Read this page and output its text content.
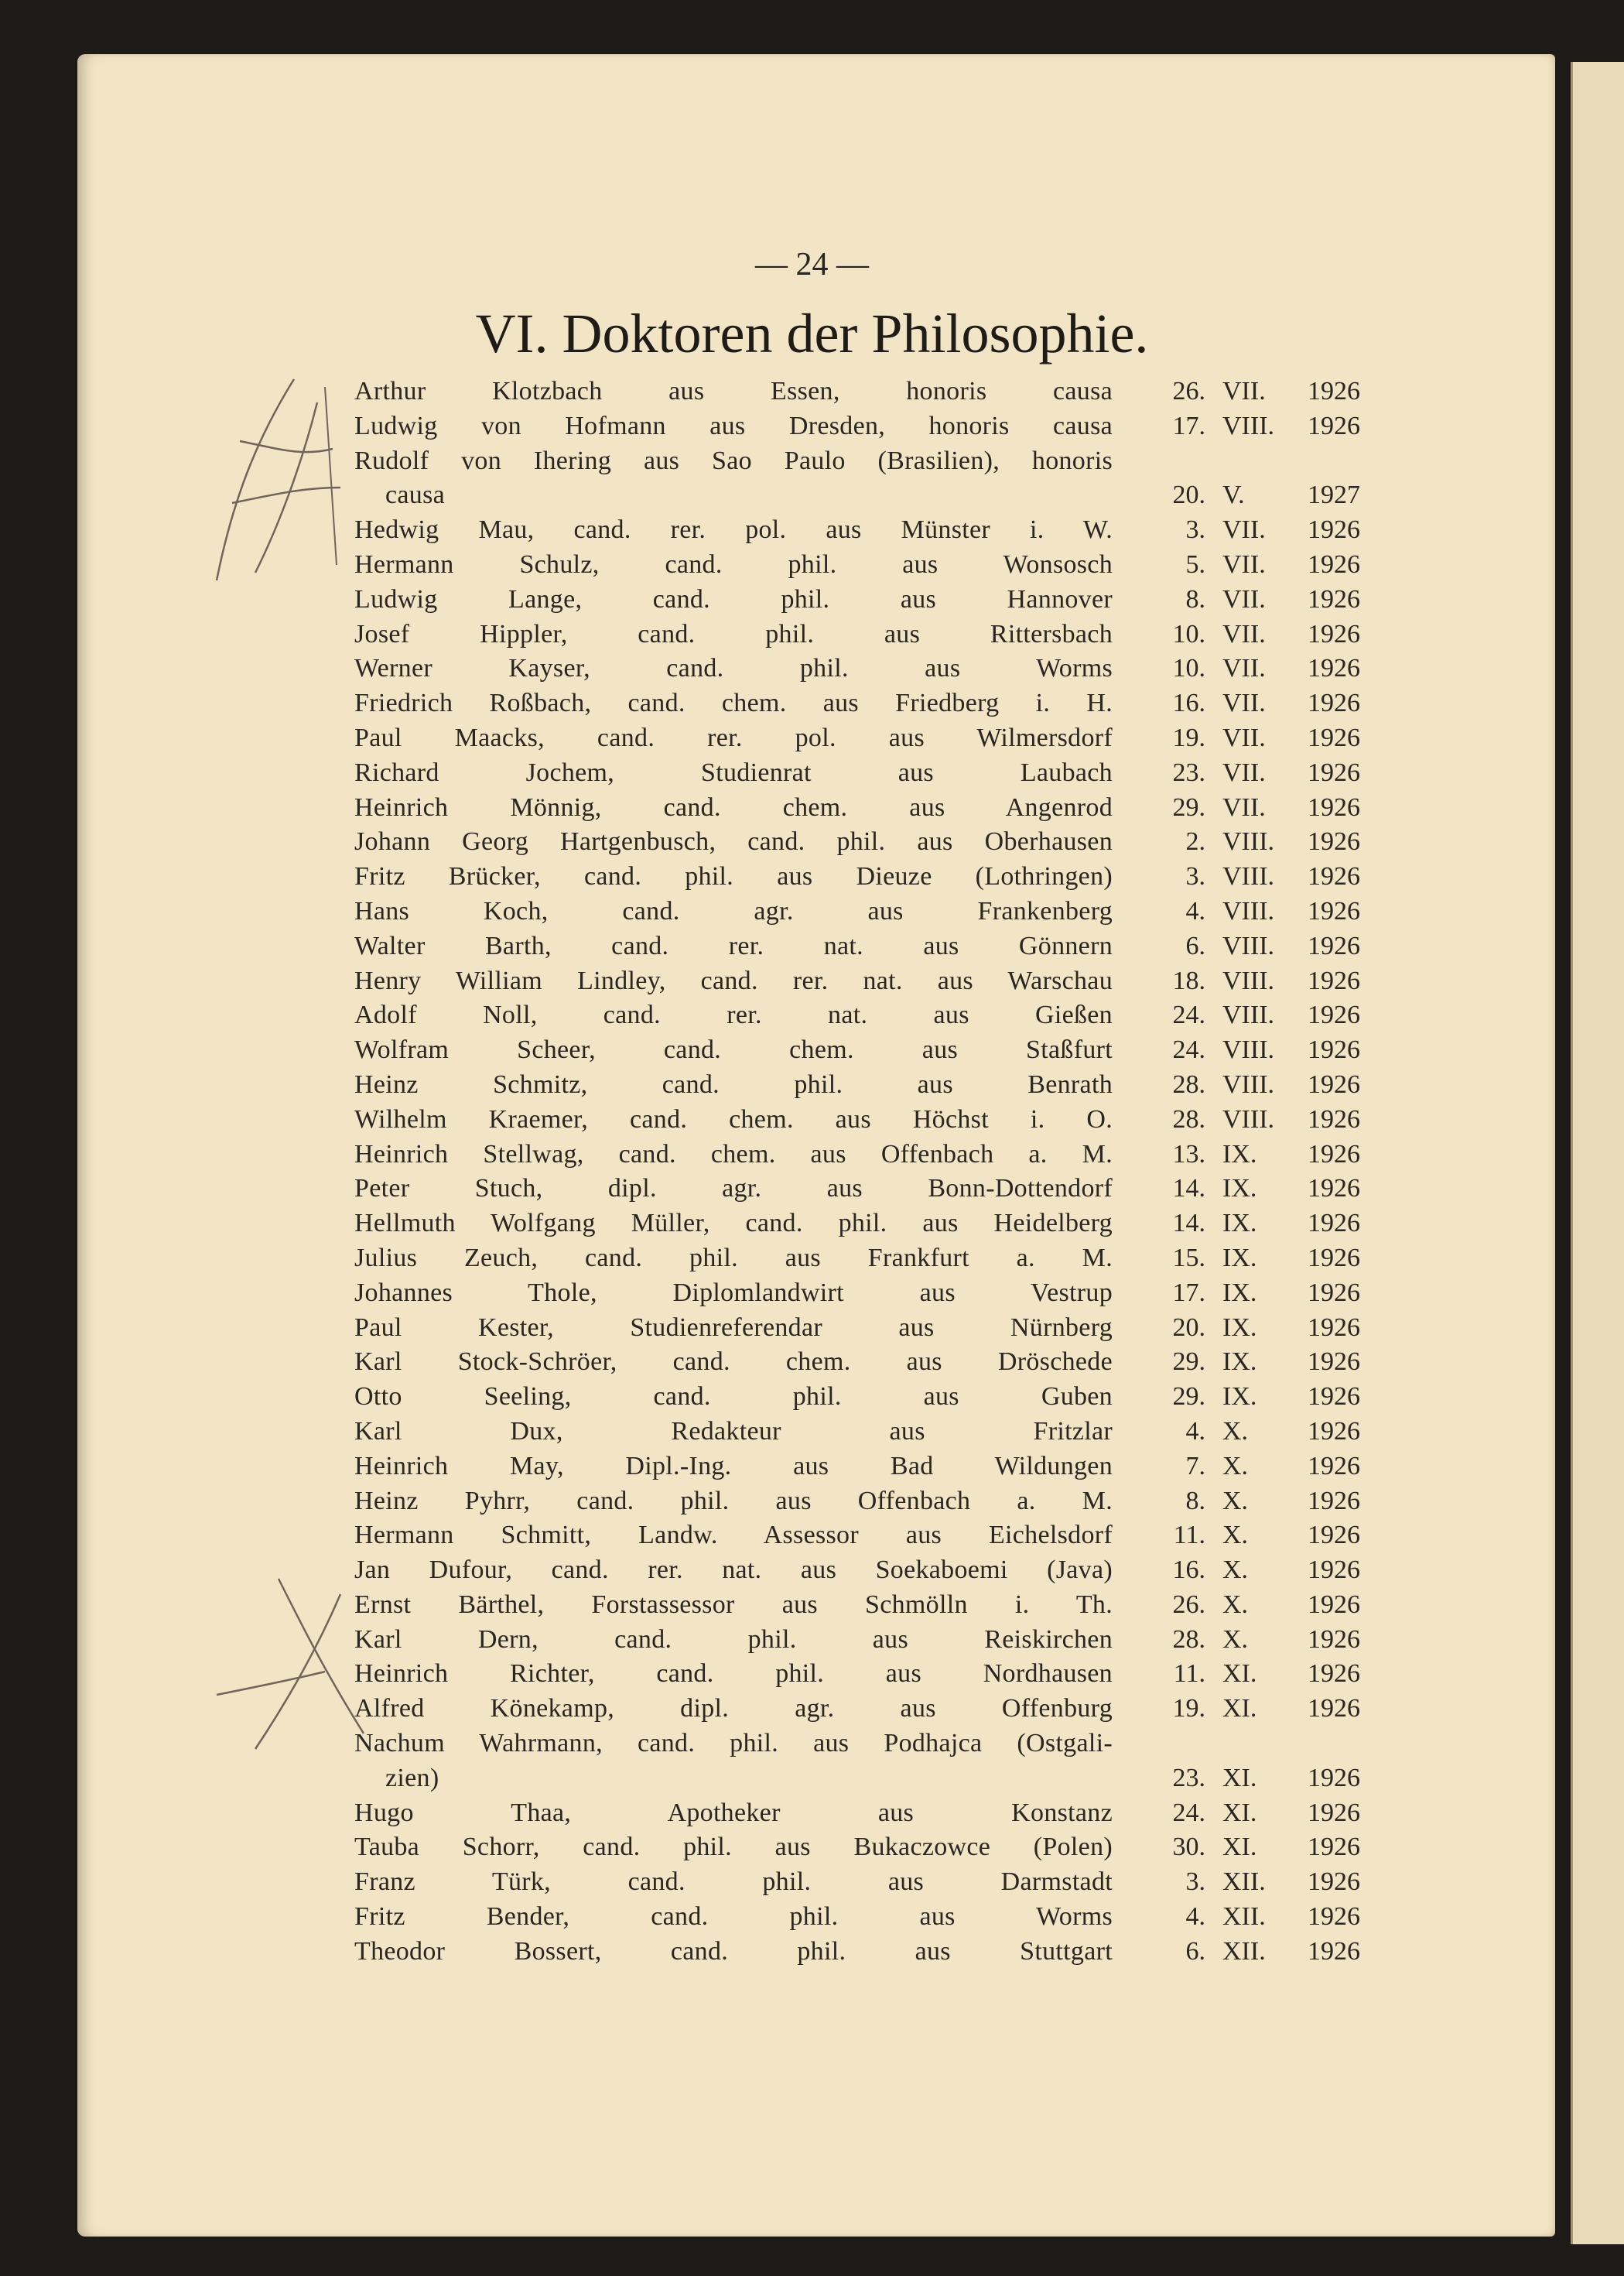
— 24 —
VI. Doktoren der Philosophie.
Arthur Klotzbach aus Essen, honoris causa 26. VII. 1926
Ludwig von Hofmann aus Dresden, honoris causa 17. VIII. 1926
Rudolf von Ihering aus Sao Paulo (Brasilien), honoris
causa	20. V. 1927
Hedwig Mau, cand. rer. pol. aus Münster i. W.	3. VII. 1926
Hermann Schulz, cand. phil. aus Wonsosch	5. VII. 1926
Ludwig Lange, cand. phil. aus Hannover	8. VII. 1926
Josef Hippler, cand. phil. aus Rittersbach 10. VII. 1926
Werner Kayser, cand. phil. aus Worms 10. VII. 1926
Friedrich Roßbach, cand. chem. aus Friedberg i. H. 16. VII. 1926
Paul Maacks, cand. rer. pol. aus Wilmersdorf 19. VII. 1926
Richard Jochem, Studienrat aus Laubach 23. VII. 1926
Heinrich Mönnig, cand. chem. aus Angenrod 29. VII. 1926
Johann Georg Hartgenbusch, cand. phil. aus Oberhausen	2. VIII. 1926
Fritz Brücker, cand. phil. aus Dieuze (Lothringen)	3. VIII. 1926
Hans Koch, cand. agr. aus Frankenberg	4. VIII. 1926
Walter Barth, cand. rer. nat. aus Gönnern	6. VIII. 1926
Henry William Lindley, cand. rer. nat. aus Warschau 18. VIII. 1926
Adolf Noll, cand. rer. nat. aus Gießen 24. VIII. 1926
Wolfram Scheer, cand. chem. aus Staßfurt 24. VIII. 1926
Heinz Schmitz, cand. phil. aus Benrath 28. VIII. 1926
Wilhelm Kraemer, cand. chem. aus Höchst i. O. 28. VIII. 1926
Heinrich Stellwag, cand. chem. aus Offenbach a. M. 13. IX. 1926
Peter Stuch, dipl. agr. aus Bonn-Dottendorf 14. IX. 1926
Hellmuth Wolfgang Müller, cand. phil. aus Heidelberg 14. IX. 1926
Julius Zeuch, cand. phil. aus Frankfurt a. M. 15. IX. 1926
Johannes Thole, Diplomlandwirt aus Vestrup 17. IX. 1926
Paul Kester, Studienreferendar aus Nürnberg 20. IX. 1926
Karl Stock-Schröer, cand. chem. aus Dröschede 29. IX. 1926
Otto Seeling, cand. phil. aus Guben 29. IX. 1926
Karl Dux, Redakteur aus Fritzlar	4. X. 1926
Heinrich May, Dipl.-Ing. aus Bad Wildungen	7. X. 1926
Heinz Pyhrr, cand. phil. aus Offenbach a. M.	8. X. 1926
Hermann Schmitt, Landw. Assessor aus Eichelsdorf 11. X. 1926
Jan Dufour, cand. rer. nat. aus Soekaboemi (Java) 16. X. 1926
Ernst Bärthel, Forstassessor aus Schmölln i. Th. 26. X. 1926
Karl Dern, cand. phil. aus Reiskirchen 28. X. 1926
Heinrich Richter, cand. phil. aus Nordhausen 11. XI. 1926
Alfred Könekamp, dipl. agr. aus Offenburg 19. XI. 1926
Nachum Wahrmann, cand. phil. aus Podhajca (Ostgali-
zien)	23. XI. 1926
Hugo Thaa, Apotheker aus Konstanz 24. XI. 1926
Tauba Schorr, cand. phil. aus Bukaczowce (Polen) 30. XI. 1926
Franz Türk, cand. phil. aus Darmstadt	3. XII. 1926
Fritz Bender, cand. phil. aus Worms	4. XII. 1926
Theodor Bossert, cand. phil. aus Stuttgart	6. XII. 1926
